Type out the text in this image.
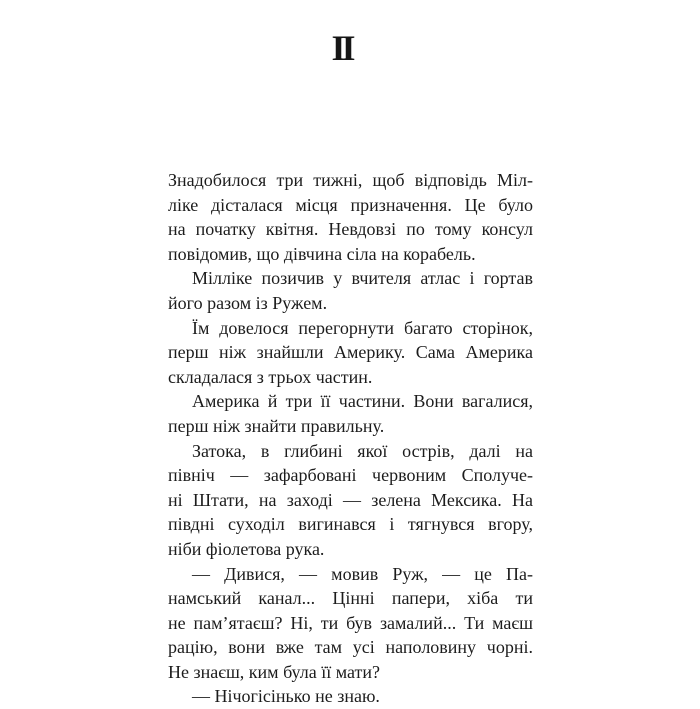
II
Знадобилося три тижні, щоб відповідь Міл-
ліке дісталася місця призначення. Це було
на початку квітня. Невдовзі по тому консул
повідомив, що дівчина сіла на корабель.
Мілліке позичив у вчителя атлас і гортав
його разом із Ружем.
Їм довелося перегорнути багато сторінок,
перш ніж знайшли Америку. Сама Америка
складалася з трьох частин.
Америка й три її частини. Вони вагалися,
перш ніж знайти правильну.
Затока, в глибині якої острів, далі на
північ — зафарбовані червоним Сполуче-
ні Штати, на заході — зелена Мексика. На
півдні суходіл вигинався і тягнувся вгору,
ніби фіолетова рука.
— Дивися, — мовив Руж, — це Па-
намський канал... Цінні папери, хіба ти
не пам’ятаєш? Ні, ти був замалий... Ти маєш
рацію, вони вже там усі наполовину чорні.
Не знаєш, ким була її мати?
— Нічогісінько не знаю.
